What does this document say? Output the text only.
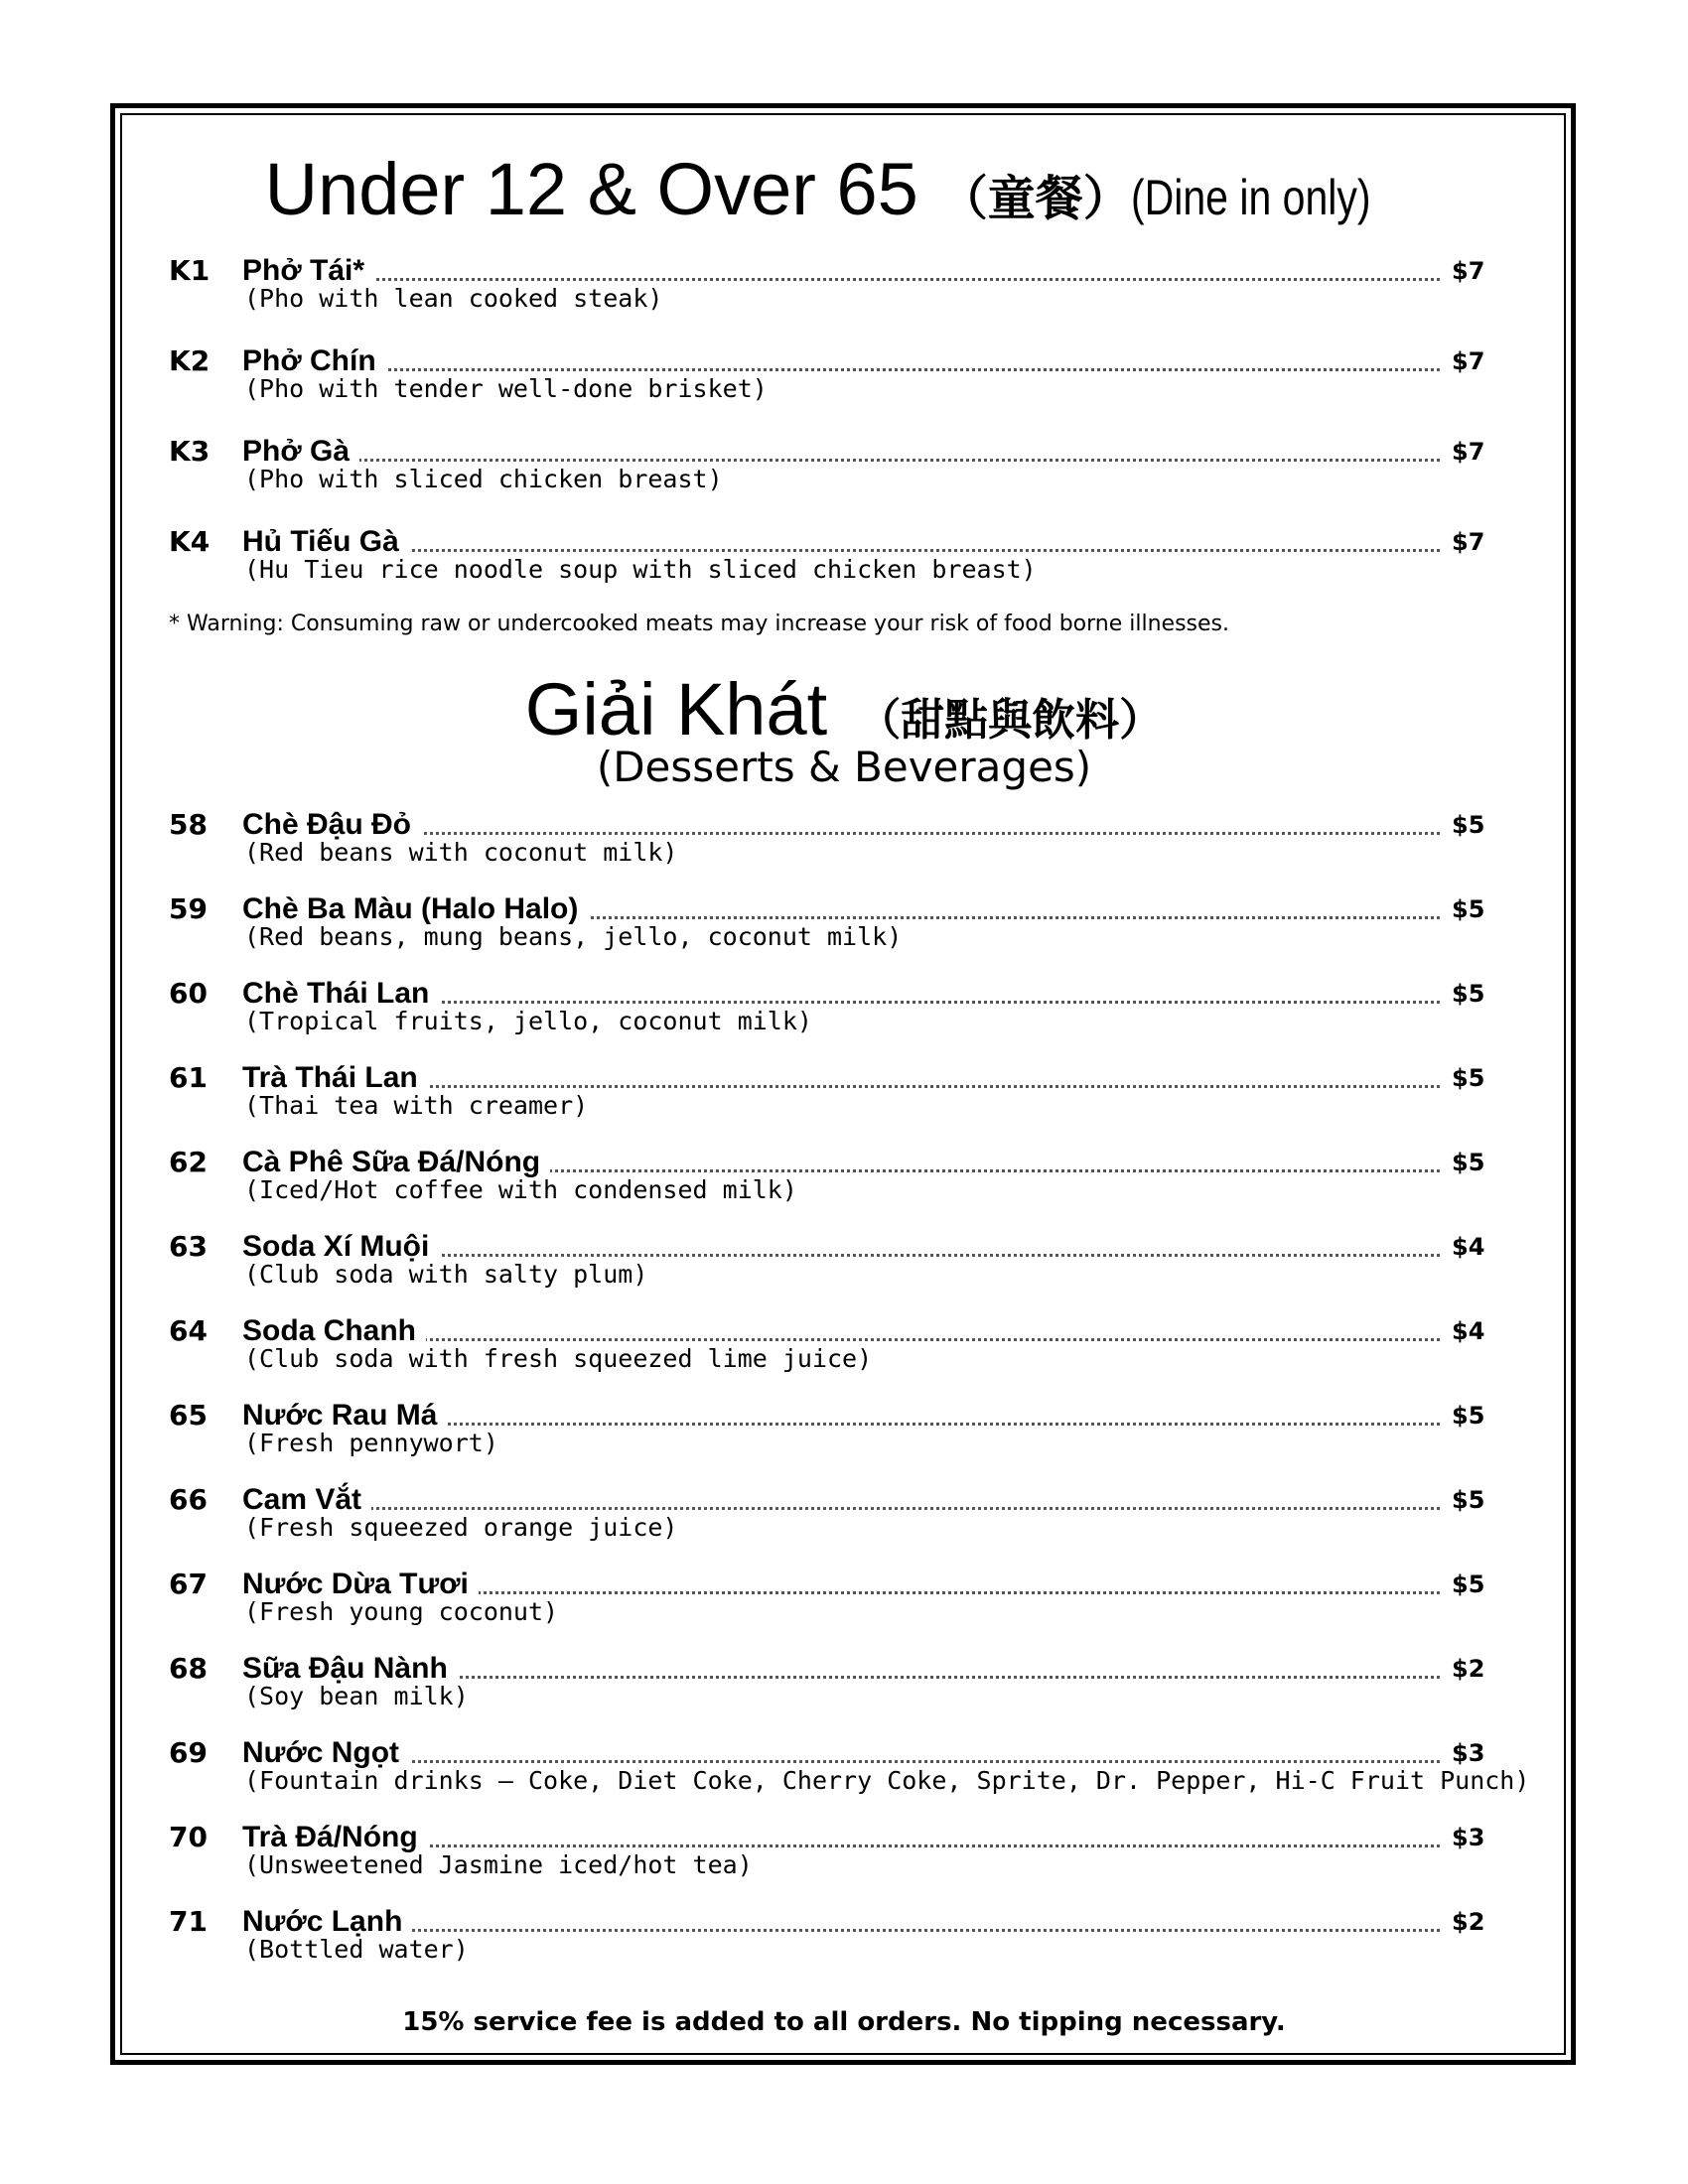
Under 12 & Over 65 （童餐）(Dine in only)
K1 Phở Tái*	$7
(Pho with lean cooked steak)
K2 Phở Chín	$7
(Pho with tender well-done brisket)
K3 Phở Gà	$7
(Pho with sliced chicken breast)
K4 Hủ Tiếu Gà	$7
(Hu Tieu rice noodle soup with sliced chicken breast)
* Warning: Consuming raw or undercooked meats may increase your risk of food borne illnesses.
Giải Khát （甜點與飲料）
(Desserts & Beverages)
58 Chè Đậu Đỏ	$5
(Red beans with coconut milk)
59 Chè Ba Màu (Halo Halo)	$5
(Red beans, mung beans, jello, coconut milk)
60 Chè Thái Lan	$5
(Tropical fruits, jello, coconut milk)
61 Trà Thái Lan	$5
(Thai tea with creamer)
62 Cà Phê Sữa Đá/Nóng	$5
(Iced/Hot coffee with condensed milk)
63 Soda Xí Muội	$4
(Club soda with salty plum)
64 Soda Chanh	$4
(Club soda with fresh squeezed lime juice)
65 Nước Rau Má	$5
(Fresh pennywort)
66 Cam Vắt	$5
(Fresh squeezed orange juice)
67 Nước Dừa Tươi	$5
(Fresh young coconut)
68 Sữa Đậu Nành	$2
(Soy bean milk)
69 Nước Ngọt	$3
(Fountain drinks — Coke, Diet Coke, Cherry Coke, Sprite, Dr. Pepper, Hi-C Fruit Punch)
70 Trà Đá/Nóng	$3
(Unsweetened Jasmine iced/hot tea)
71 Nước Lạnh	$2
(Bottled water)
15% service fee is added to all orders. No tipping necessary.
